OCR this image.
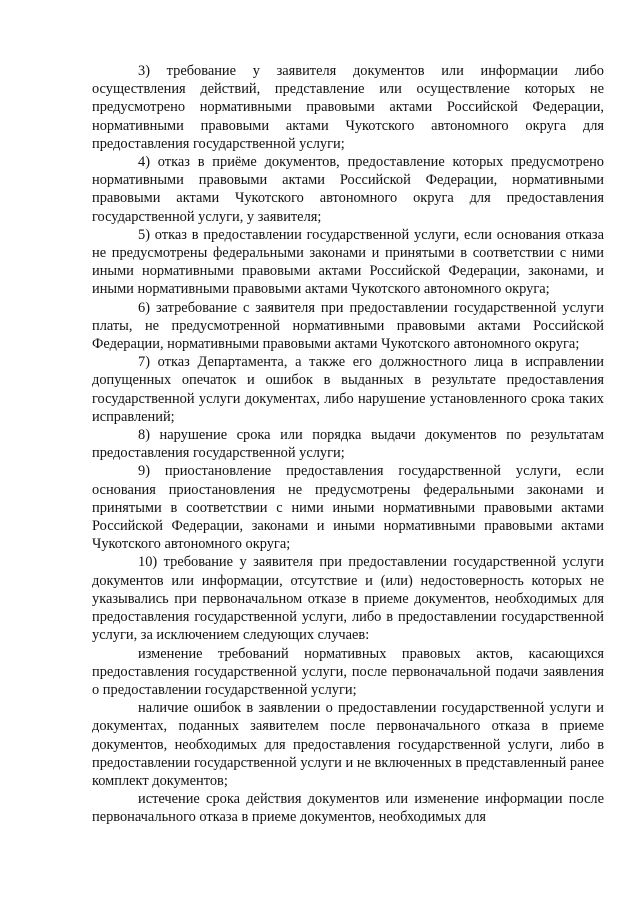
3) требование у заявителя документов или информации либо осуществления действий, представление или осуществление которых не предусмотрено нормативными правовыми актами Российской Федерации, нормативными правовыми актами Чукотского автономного округа для предоставления государственной услуги;

4) отказ в приёме документов, предоставление которых предусмотрено нормативными правовыми актами Российской Федерации, нормативными правовыми актами Чукотского автономного округа для предоставления государственной услуги, у заявителя;

5) отказ в предоставлении государственной услуги, если основания отказа не предусмотрены федеральными законами и принятыми в соответствии с ними иными нормативными правовыми актами Российской Федерации, законами, и иными нормативными правовыми актами Чукотского автономного округа;

6) затребование с заявителя при предоставлении государственной услуги платы, не предусмотренной нормативными правовыми актами Российской Федерации, нормативными правовыми актами Чукотского автономного округа;

7) отказ Департамента, а также его должностного лица в исправлении допущенных опечаток и ошибок в выданных в результате предоставления государственной услуги документах, либо нарушение установленного срока таких исправлений;

8) нарушение срока или порядка выдачи документов по результатам предоставления государственной услуги;

9) приостановление предоставления государственной услуги, если основания приостановления не предусмотрены федеральными законами и принятыми в соответствии с ними иными нормативными правовыми актами Российской Федерации, законами и иными нормативными правовыми актами Чукотского автономного округа;

10) требование у заявителя при предоставлении государственной услуги документов или информации, отсутствие и (или) недостоверность которых не указывались при первоначальном отказе в приеме документов, необходимых для предоставления государственной услуги, либо в предоставлении государственной услуги, за исключением следующих случаев:

изменение требований нормативных правовых актов, касающихся предоставления государственной услуги, после первоначальной подачи заявления о предоставлении государственной услуги;

наличие ошибок в заявлении о предоставлении государственной услуги и документах, поданных заявителем после первоначального отказа в приеме документов, необходимых для предоставления государственной услуги, либо в предоставлении государственной услуги и не включенных в представленный ранее комплект документов;

истечение срока действия документов или изменение информации после первоначального отказа в приеме документов, необходимых для
